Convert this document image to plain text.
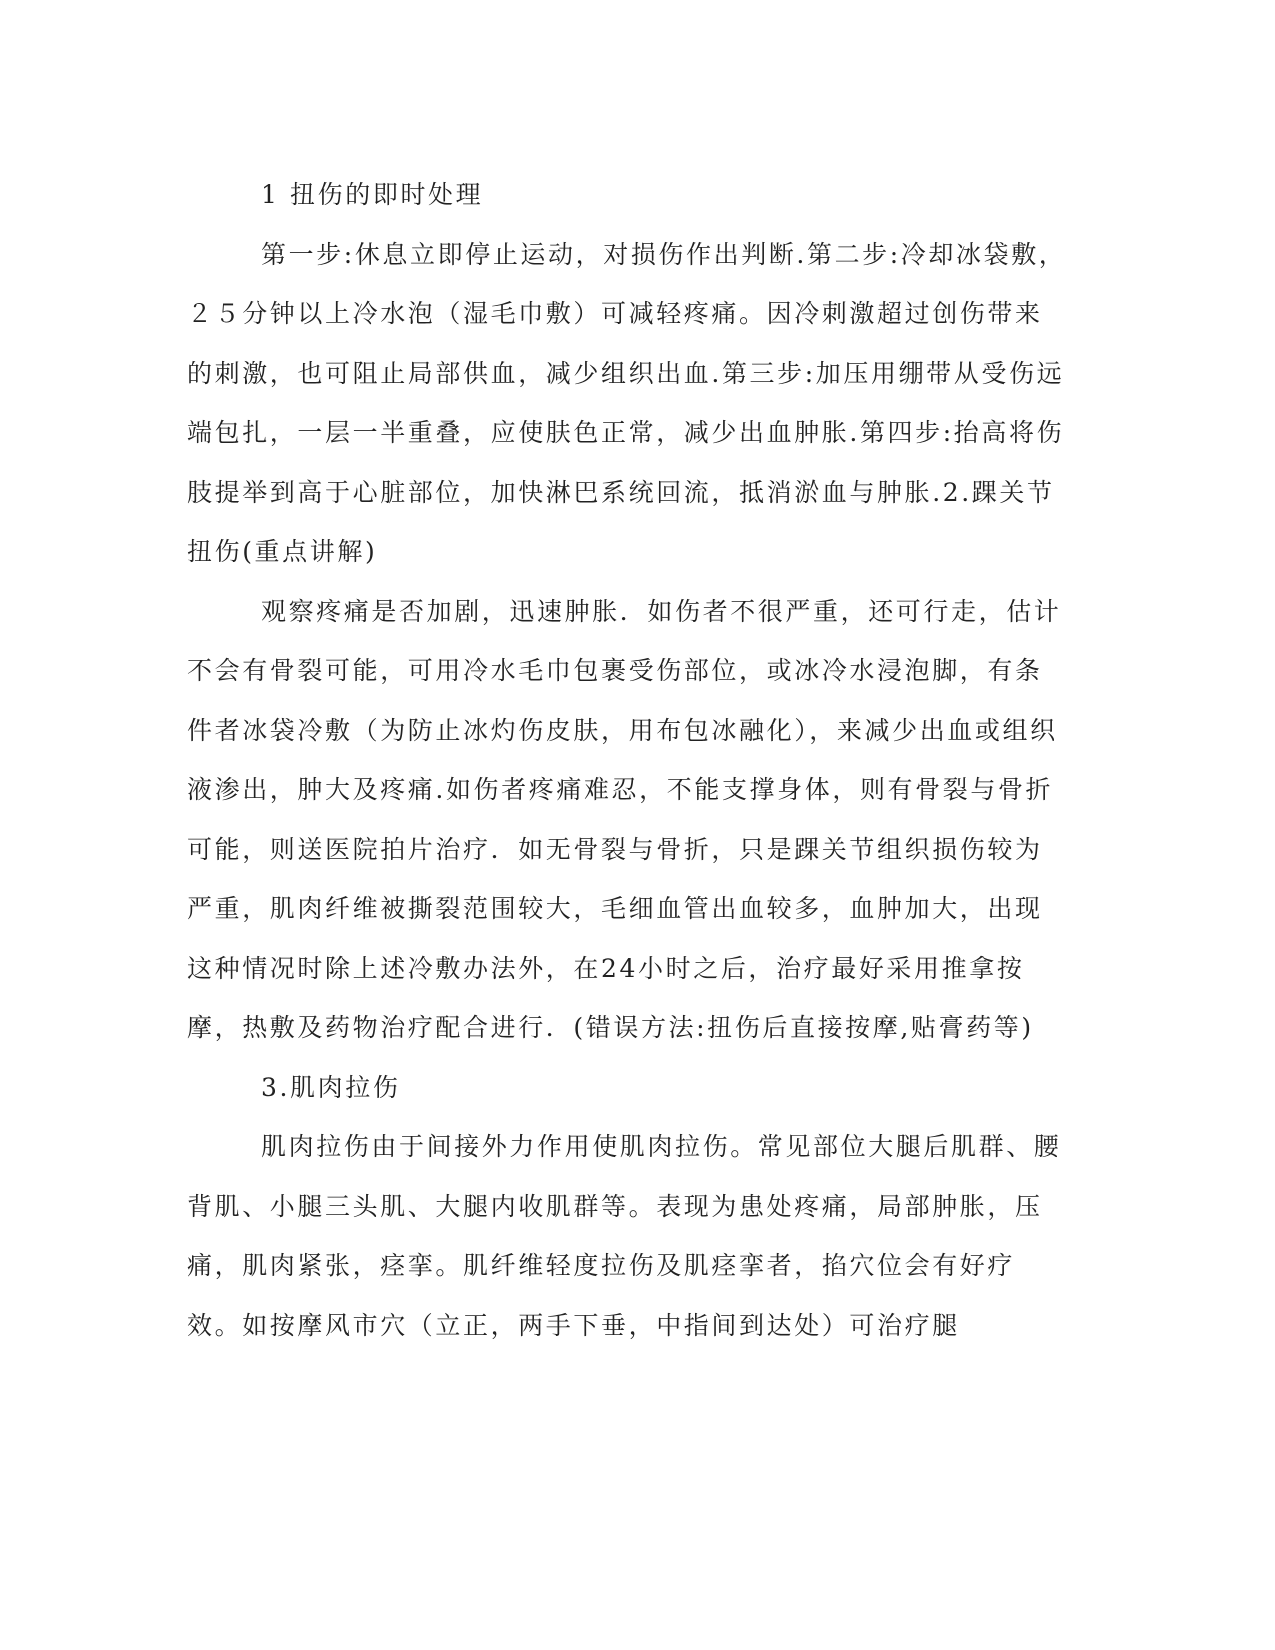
1 扭伤的即时处理

第一步:休息立即停止运动，对损伤作出判断.第二步:冷却冰袋敷，２５分钟以上冷水泡（湿毛巾敷）可减轻疼痛。因冷刺激超过创伤带来的刺激，也可阻止局部供血，减少组织出血.第三步:加压用绷带从受伤远端包扎，一层一半重叠，应使肤色正常，减少出血肿胀.第四步:抬高将伤肢提举到高于心脏部位，加快淋巴系统回流，抵消淤血与肿胀.2.踝关节扭伤(重点讲解)

观察疼痛是否加剧，迅速肿胀．如伤者不很严重，还可行走，估计不会有骨裂可能，可用冷水毛巾包裹受伤部位，或冰冷水浸泡脚，有条件者冰袋冷敷（为防止冰灼伤皮肤，用布包冰融化），来减少出血或组织液渗出，肿大及疼痛.如伤者疼痛难忍，不能支撑身体，则有骨裂与骨折可能，则送医院拍片治疗．如无骨裂与骨折，只是踝关节组织损伤较为严重，肌肉纤维被撕裂范围较大，毛细血管出血较多，血肿加大，出现这种情况时除上述冷敷办法外，在24小时之后，治疗最好采用推拿按摩，热敷及药物治疗配合进行．(错误方法:扭伤后直接按摩,贴膏药等)

3.肌肉拉伤

肌肉拉伤由于间接外力作用使肌肉拉伤。常见部位大腿后肌群、腰背肌、小腿三头肌、大腿内收肌群等。表现为患处疼痛，局部肿胀，压痛，肌肉紧张，痉挛。肌纤维轻度拉伤及肌痉挛者，掐穴位会有好疗效。如按摩风市穴（立正，两手下垂，中指间到达处）可治疗腿
